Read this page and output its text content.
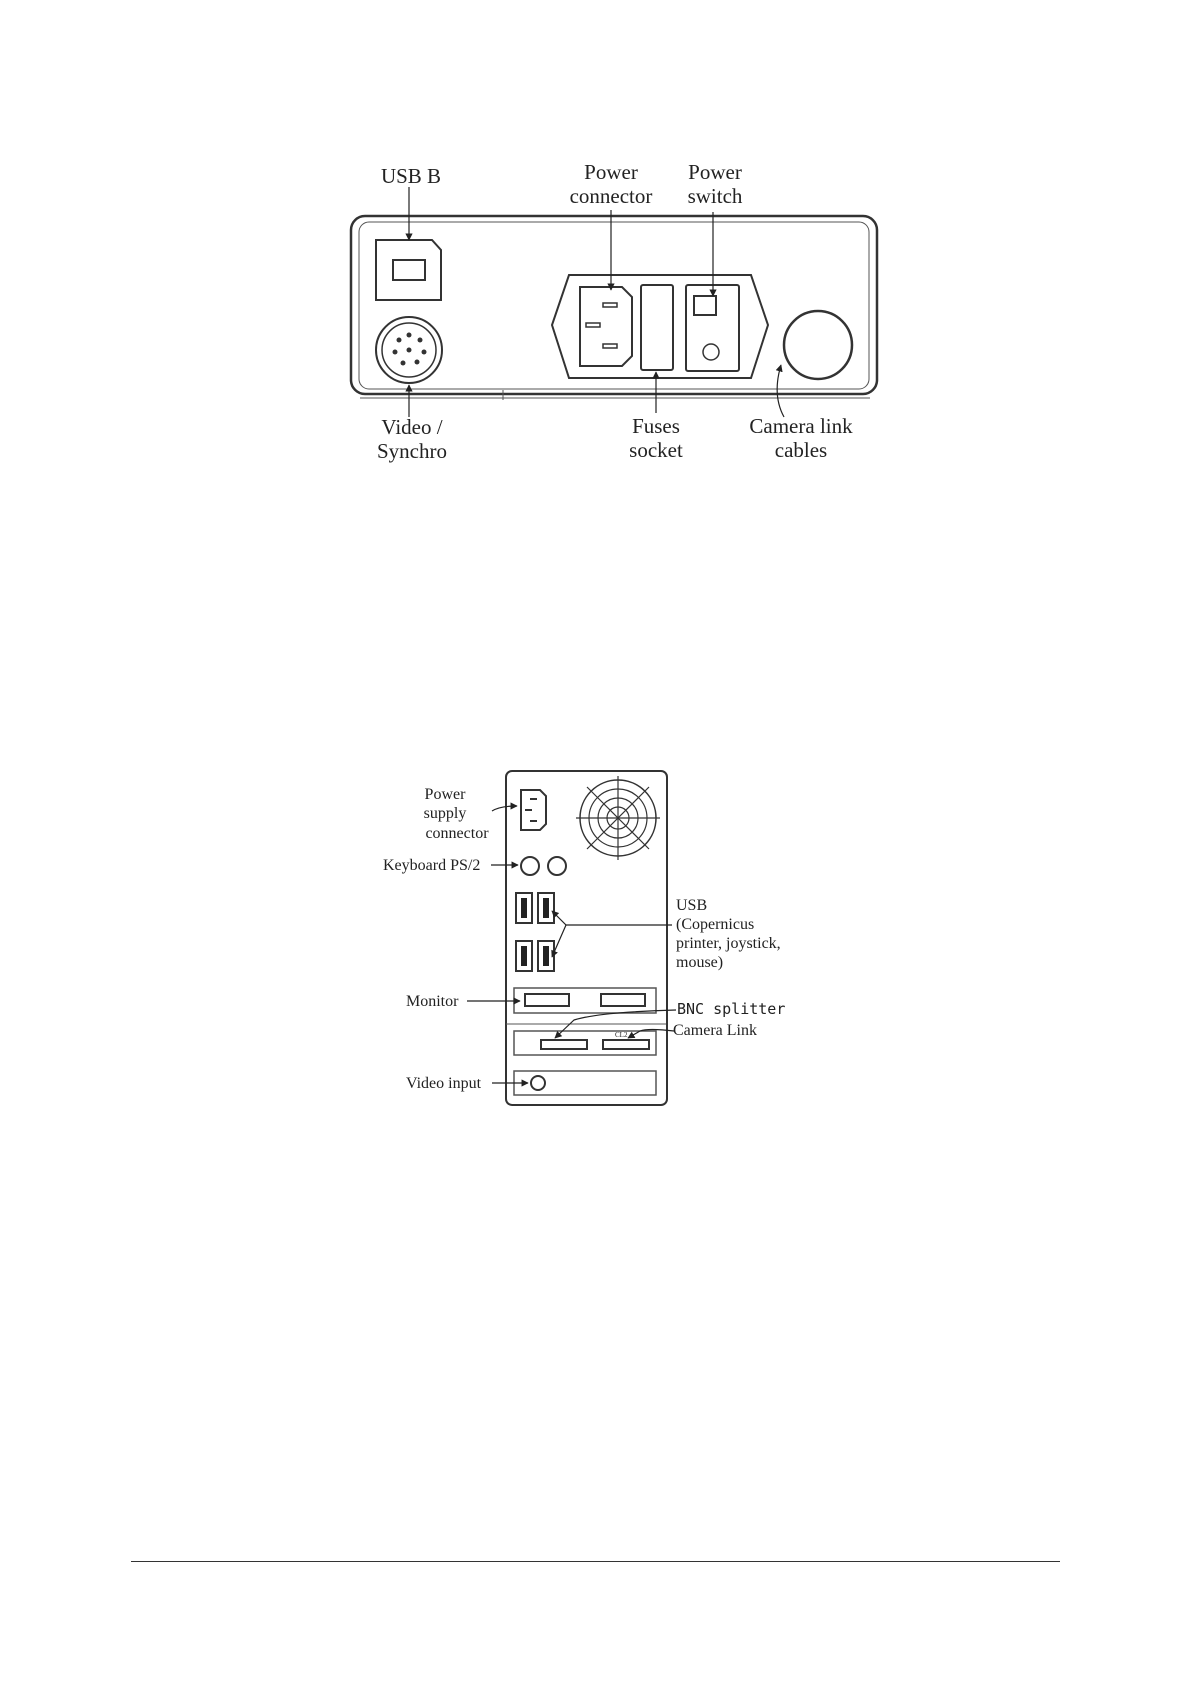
USB B	Power
connector
Power
switch
Video /
Synchro
Fuses
socket
Camera link
cables
CL2
Power
supply
connector
Keyboard PS/2
USB
(Copernicus
printer, joystick,
mouse)
Monitor	BNC splitter
Camera Link
Video input
